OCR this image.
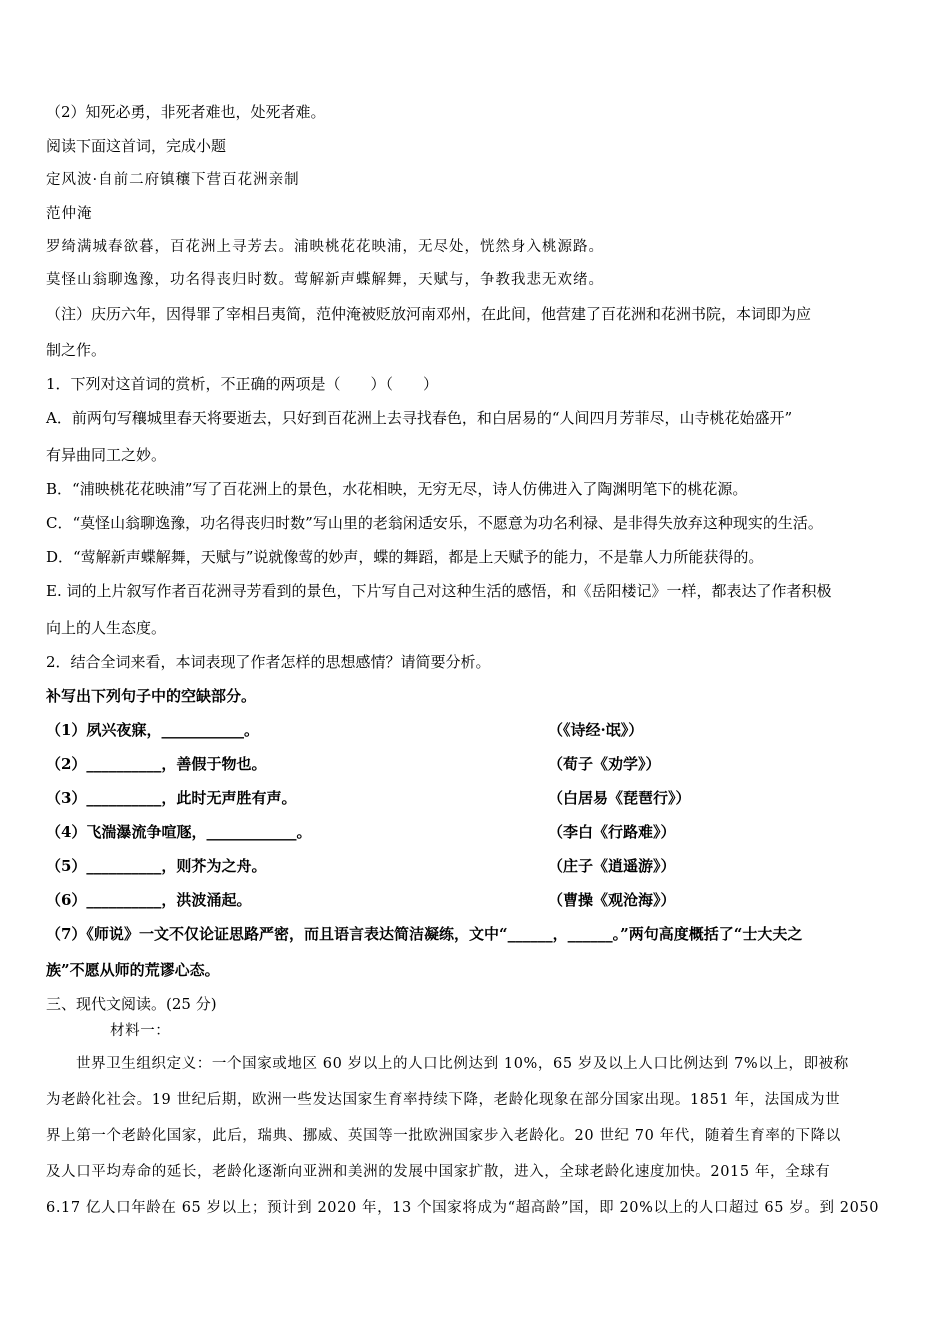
（2）知死必勇，非死者难也，处死者难。
阅读下面这首词，完成小题
定风波·自前二府镇穰下营百花洲亲制
范仲淹
罗绮满城春欲暮，百花洲上寻芳去。浦映桃花花映浦，无尽处，恍然身入桃源路。
莫怪山翁聊逸豫，功名得丧归时数。莺解新声蝶解舞，天赋与，争教我悲无欢绪。
（注）庆历六年，因得罪了宰相吕夷简，范仲淹被贬放河南邓州，在此间，他营建了百花洲和花洲书院，本词即为应
制之作。
1．下列对这首词的赏析，不正确的两项是（　　）（　　）
A．前两句写穰城里春天将要逝去，只好到百花洲上去寻找春色，和白居易的“人间四月芳菲尽，山寺桃花始盛开”
有异曲同工之妙。
B．“浦映桃花花映浦”写了百花洲上的景色，水花相映，无穷无尽，诗人仿佛进入了陶渊明笔下的桃花源。
C．“莫怪山翁聊逸豫，功名得丧归时数”写山里的老翁闲适安乐，不愿意为功名利禄、是非得失放弃这种现实的生活。
D．“莺解新声蝶解舞，天赋与”说就像莺的妙声，蝶的舞蹈，都是上天赋予的能力，不是靠人力所能获得的。
E. 词的上片叙写作者百花洲寻芳看到的景色，下片写自己对这种生活的感悟，和《岳阳楼记》一样，都表达了作者积极
向上的人生态度。
2．结合全词来看，本词表现了作者怎样的思想感情？请简要分析。
补写出下列句子中的空缺部分。
（1）夙兴夜寐，___________。	（《诗经·氓》）
（2）__________，善假于物也。	（荀子《劝学》）
（3）__________，此时无声胜有声。	（白居易《琵琶行》）
（4）飞湍瀑流争喧豗，____________。	（李白《行路难》）
（5）__________，则芥为之舟。	（庄子《逍遥游》）
（6）__________，洪波涌起。	（曹操《观沧海》）
（7）《师说》一文不仅论证思路严密，而且语言表达简洁凝练，文中“______，______。”两句高度概括了“士大夫之
族”不愿从师的荒谬心态。
三、现代文阅读。(25 分)
材料一：
世界卫生组织定义：一个国家或地区 60 岁以上的人口比例达到 10%，65 岁及以上人口比例达到 7%以上，即被称
为老龄化社会。19 世纪后期，欧洲一些发达国家生育率持续下降，老龄化现象在部分国家出现。1851 年，法国成为世
界上第一个老龄化国家，此后，瑞典、挪威、英国等一批欧洲国家步入老龄化。20 世纪 70 年代，随着生育率的下降以
及人口平均寿命的延长，老龄化逐渐向亚洲和美洲的发展中国家扩散，进入，全球老龄化速度加快。2015 年，全球有
6.17 亿人口年龄在 65 岁以上；预计到 2020 年，13 个国家将成为“超高龄”国，即 20%以上的人口超过 65 岁。到 2050
